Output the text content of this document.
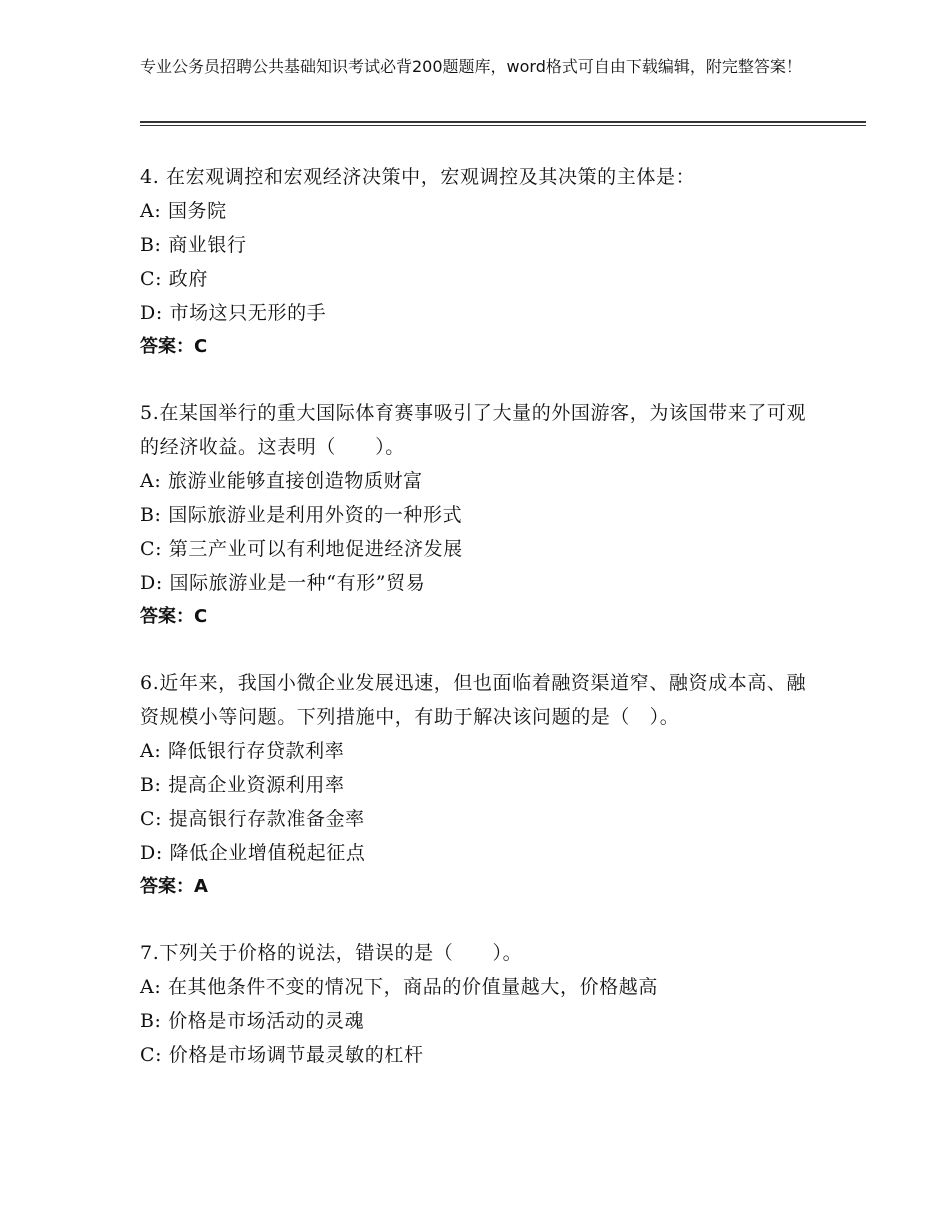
专业公务员招聘公共基础知识考试必背200题题库，word格式可自由下载编辑，附完整答案！
4. 在宏观调控和宏观经济决策中，宏观调控及其决策的主体是：
A: 国务院
B: 商业银行
C: 政府
D: 市场这只无形的手
答案：C
5.在某国举行的重大国际体育赛事吸引了大量的外国游客，为该国带来了可观的经济收益。这表明（　　）。
A: 旅游业能够直接创造物质财富
B: 国际旅游业是利用外资的一种形式
C: 第三产业可以有利地促进经济发展
D: 国际旅游业是一种“有形”贸易
答案：C
6.近年来，我国小微企业发展迅速，但也面临着融资渠道窄、融资成本高、融资规模小等问题。下列措施中，有助于解决该问题的是（　）。
A: 降低银行存贷款利率
B: 提高企业资源利用率
C: 提高银行存款准备金率
D: 降低企业增值税起征点
答案：A
7.下列关于价格的说法，错误的是（　　）。
A: 在其他条件不变的情况下，商品的价值量越大，价格越高
B: 价格是市场活动的灵魂
C: 价格是市场调节最灵敏的杠杆
